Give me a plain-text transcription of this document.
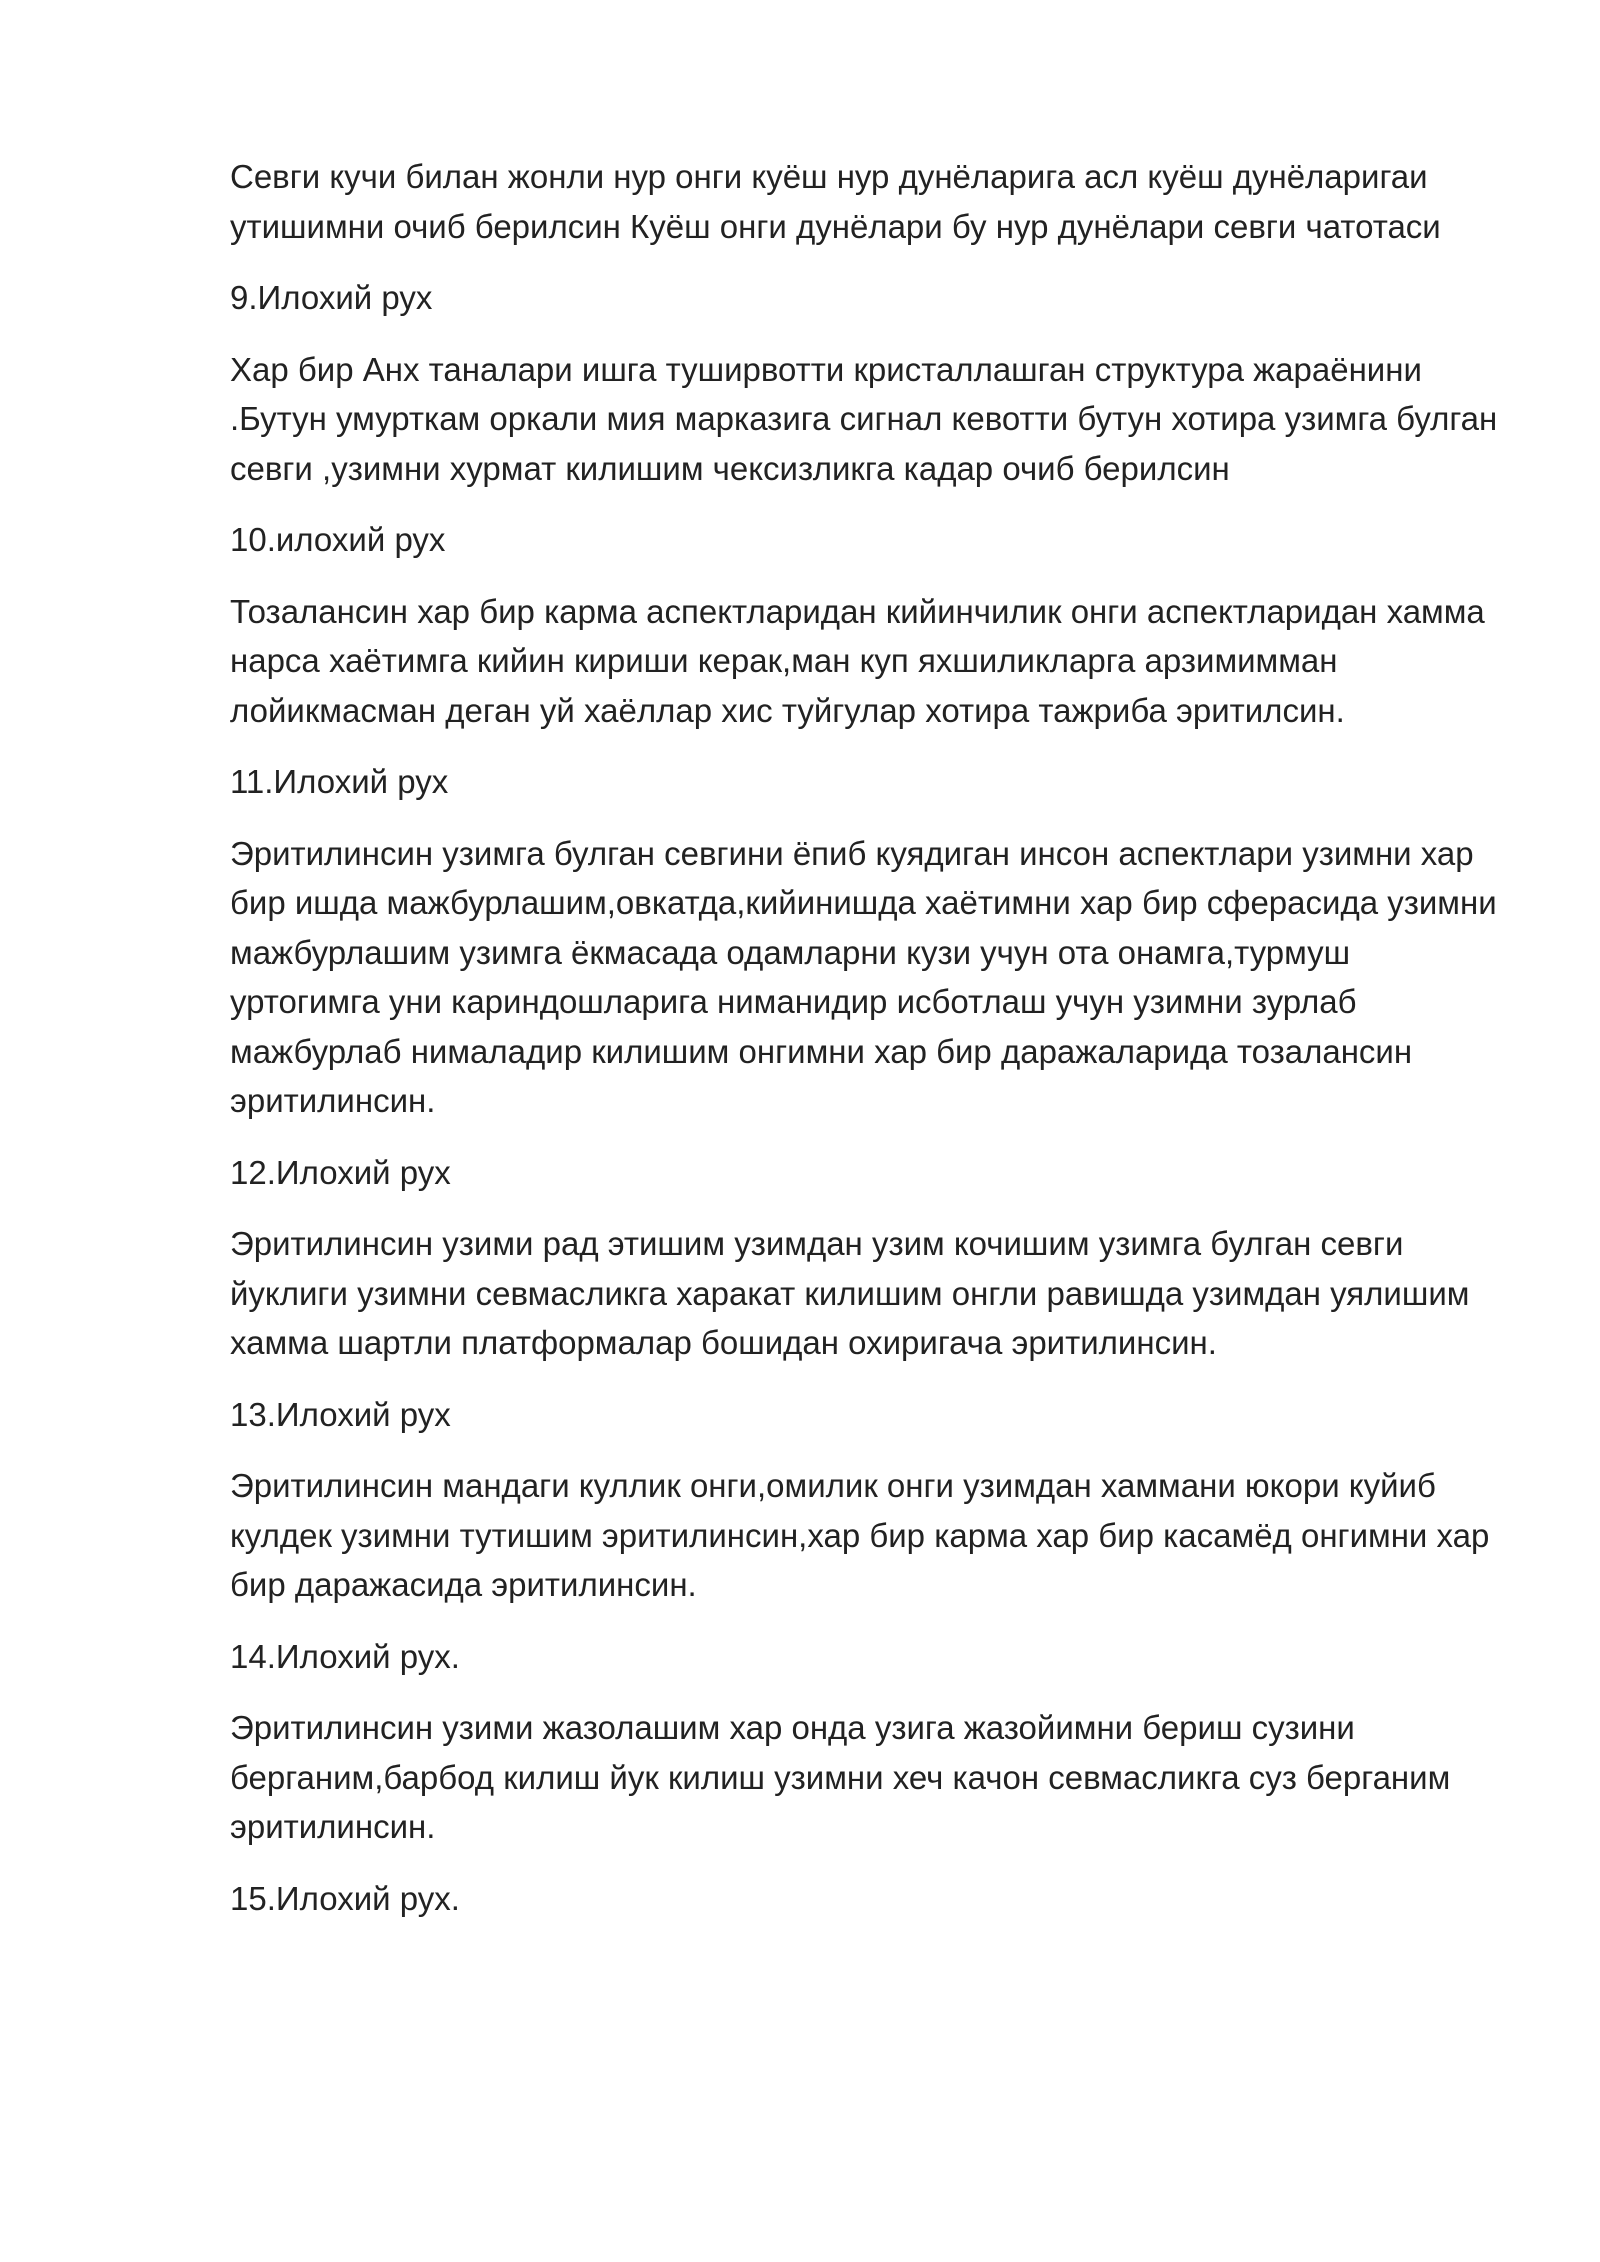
Севги кучи билан жонли нур онги куёш нур дунёларига асл куёш дунёларигаи утишимни очиб берилсин Куёш онги дунёлари бу нур дунёлари севги чатотаси

9.Илохий рух

Хар бир Анх таналари ишга туширвотти кристаллашган структура жараёнини .Бутун умурткам оркали мия марказига сигнал кевотти бутун хотира узимга булган севги ,узимни хурмат килишим чексизликга кадар очиб берилсин

10.илохий рух

Тозалансин хар бир карма аспектларидан кийинчилик онги аспектларидан хамма нарса хаётимга кийин кириши керак,ман куп яхшиликларга арзимимман лойикмасман деган уй хаёллар хис туйгулар хотира тажриба эритилсин.

11.Илохий рух

Эритилинсин узимга булган севгини ёпиб куядиган инсон аспектлари узимни хар бир ишда мажбурлашим,овкатда,кийинишда хаётимни хар бир сферасида узимни мажбурлашим узимга ёкмасада одамларни кузи учун ота онамга,турмуш уртогимга уни кариндошларига ниманидир исботлаш учун узимни зурлаб мажбурлаб нималадир килишим онгимни хар бир даражаларида тозалансин эритилинсин.

12.Илохий рух

Эритилинсин узими рад этишим узимдан узим кочишим узимга булган севги йуклиги узимни севмасликга харакат килишим онгли равишда узимдан уялишим хамма шартли платформалар бошидан охиригача эритилинсин.

13.Илохий рух

Эритилинсин мандаги куллик онги,омилик онги узимдан хаммани юкори куйиб кулдек узимни тутишим эритилинсин,хар бир карма хар бир касамёд онгимни хар бир даражасида эритилинсин.

14.Илохий рух.

Эритилинсин узими жазолашим хар онда узига жазойимни бериш сузини берганим,барбод килиш йук килиш узимни хеч качон севмасликга суз берганим эритилинсин.

15.Илохий рух.
